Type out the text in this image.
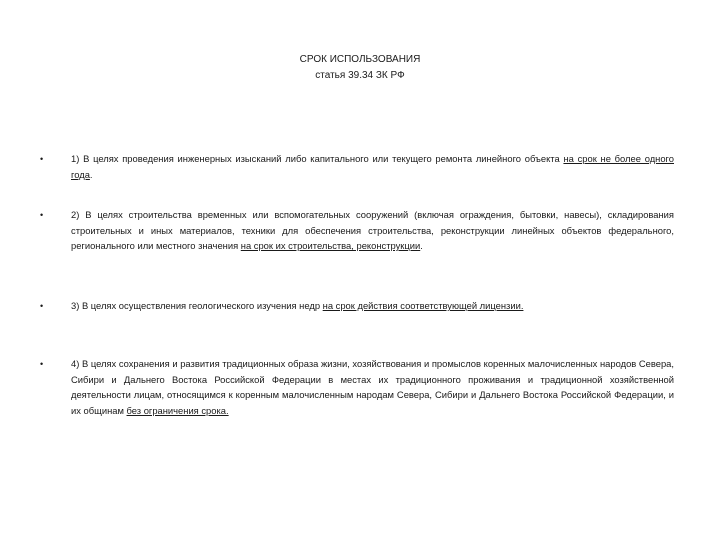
СРОК ИСПОЛЬЗОВАНИЯ
статья 39.34 ЗК РФ
•	1) В целях проведения инженерных изысканий либо капитального или текущего ремонта линейного объекта на срок не более одного года.

•	2) В целях строительства временных или вспомогательных сооружений (включая ограждения, бытовки, навесы), складирования строительных и иных материалов, техники для обеспечения строительства, реконструкции линейных объектов федерального, регионального или местного значения на срок их строительства, реконструкции.

•	3) В целях осуществления геологического изучения недр на срок действия соответствующей лицензии.

•	4) В целях сохранения и развития традиционных образа жизни, хозяйствования и промыслов коренных малочисленных народов Севера, Сибири и Дальнего Востока Российской Федерации в местах их традиционного проживания и традиционной хозяйственной деятельности лицам, относящимся к коренным малочисленным народам Севера, Сибири и Дальнего Востока Российской Федерации, и их общинам без ограничения срока.
